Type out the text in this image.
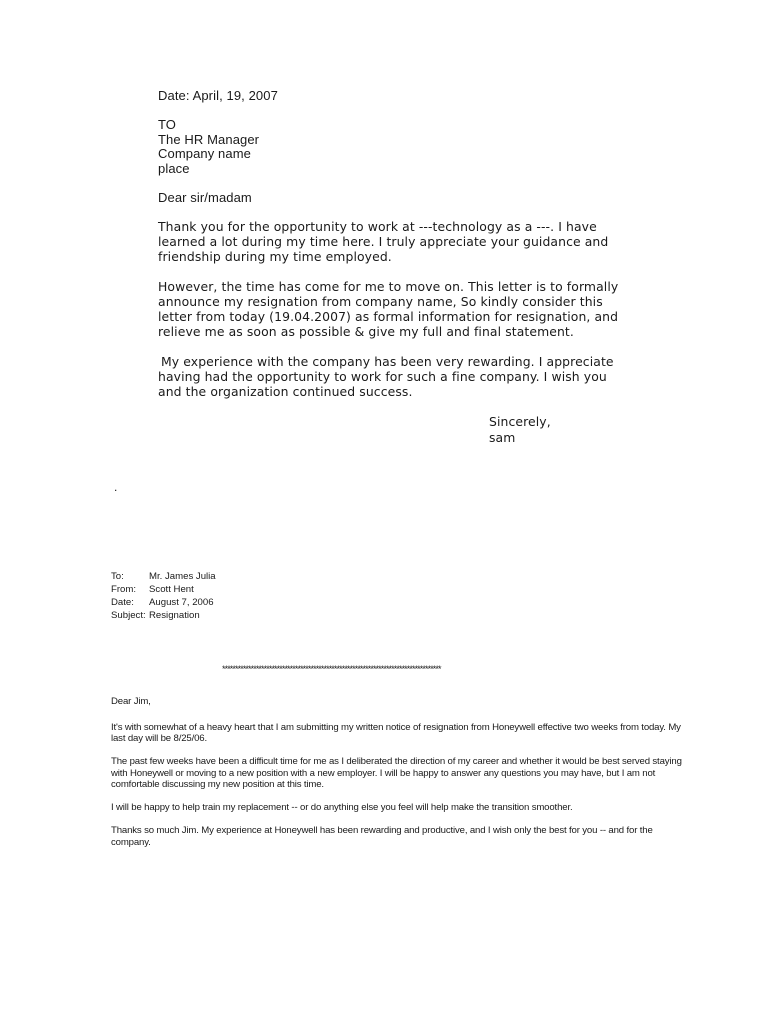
Date: April, 19, 2007

TO
The HR Manager
Company name
place

Dear sir/madam

Thank you for the opportunity to work at ---technology as a ---. I have learned a lot during my time here. I truly appreciate your guidance and friendship during my time employed.

However, the time has come for me to move on. This letter is to formally announce my resignation from company name, So kindly consider this letter from today (19.04.2007) as formal information for resignation, and relieve me as soon as possible & give my full and final statement.

My experience with the company has been very rewarding. I appreciate having had the opportunity to work for such a fine company. I wish you and the organization continued success.

Sincerely,
sam
.
To:	Mr. James Julia
From:	Scott Hent
Date:	August 7, 2006
Subject: Resignation
************************************************************************************

Dear Jim,

It's with somewhat of a heavy heart that I am submitting my written notice of resignation from Honeywell effective two weeks from today. My last day will be 8/25/06.

The past few weeks have been a difficult time for me as I deliberated the direction of my career and whether it would be best served staying with Honeywell or moving to a new position with a new employer. I will be happy to answer any questions you may have, but I am not comfortable discussing my new position at this time.

I will be happy to help train my replacement -- or do anything else you feel will help make the transition smoother.

Thanks so much Jim. My experience at Honeywell has been rewarding and productive, and I wish only the best for you -- and for the company.
